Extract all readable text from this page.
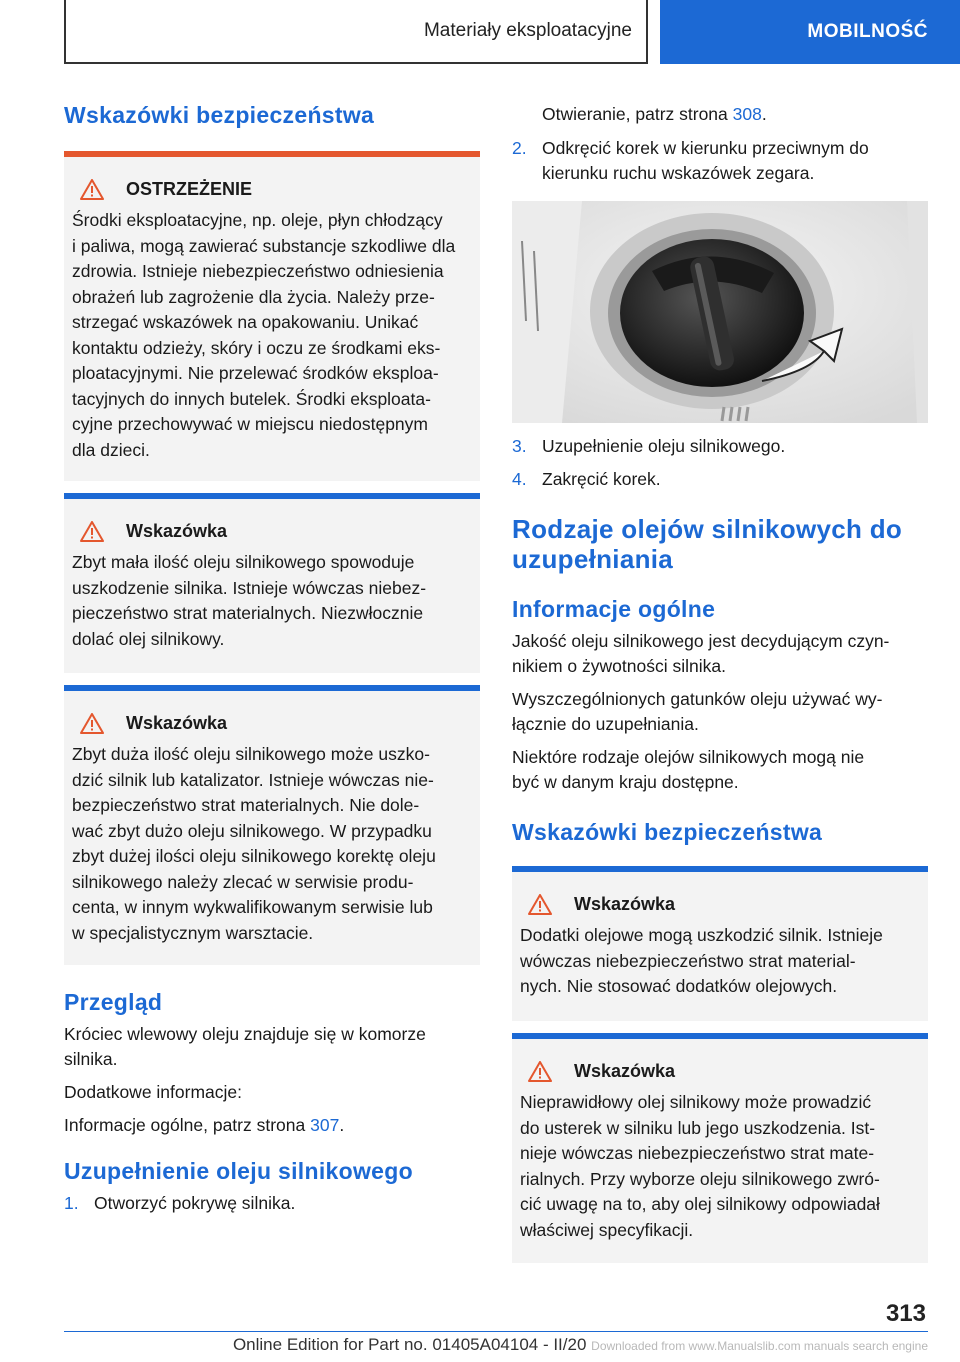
Materiały eksploatacyjne	MOBILNOŚĆ
Wskazówki bezpieczeństwa
OSTRZEŻENIE
Środki eksploatacyjne, np. oleje, płyn chłodzący
i paliwa, mogą zawierać substancje szkodliwe dla
zdrowia. Istnieje niebezpieczeństwo odniesienia
obrażeń lub zagrożenie dla życia. Należy prze-
strzegać wskazówek na opakowaniu. Unikać
kontaktu odzieży, skóry i oczu ze środkami eks-
ploatacyjnymi. Nie przelewać środków eksploa-
tacyjnych do innych butelek. Środki eksploata-
cyjne przechowywać w miejscu niedostępnym
dla dzieci.
Wskazówka
Zbyt mała ilość oleju silnikowego spowoduje
uszkodzenie silnika. Istnieje wówczas niebez-
pieczeństwo strat materialnych. Niezwłocznie
dolać olej silnikowy.
Wskazówka
Zbyt duża ilość oleju silnikowego może uszko-
dzić silnik lub katalizator. Istnieje wówczas nie-
bezpieczeństwo strat materialnych. Nie dole-
wać zbyt dużo oleju silnikowego. W przypadku
zbyt dużej ilości oleju silnikowego korektę oleju
silnikowego należy zlecać w serwisie produ-
centa, w innym wykwalifikowanym serwisie lub
w specjalistycznym warsztacie.
Przegląd
Króciec wlewowy oleju znajduje się w komorze
silnika.
Dodatkowe informacje:
Informacje ogólne, patrz strona 307.
Uzupełnienie oleju silnikowego
1. Otworzyć pokrywę silnika.
Otwieranie, patrz strona 308.
2. Odkręcić korek w kierunku przeciwnym do
kierunku ruchu wskazówek zegara.
3. Uzupełnienie oleju silnikowego.
4. Zakręcić korek.
Rodzaje olejów silnikowych do
uzupełniania
Informacje ogólne
Jakość oleju silnikowego jest decydującym czyn-
nikiem o żywotności silnika.
Wyszczególnionych gatunków oleju używać wy-
łącznie do uzupełniania.
Niektóre rodzaje olejów silnikowych mogą nie
być w danym kraju dostępne.
Wskazówki bezpieczeństwa
Wskazówka
Dodatki olejowe mogą uszkodzić silnik. Istnieje
wówczas niebezpieczeństwo strat material-
nych. Nie stosować dodatków olejowych.
Wskazówka
Nieprawidłowy olej silnikowy może prowadzić
do usterek w silniku lub jego uszkodzenia. Ist-
nieje wówczas niebezpieczeństwo strat mate-
rialnych. Przy wyborze oleju silnikowego zwró-
cić uwagę na to, aby olej silnikowy odpowiadał
właściwej specyfikacji.
313
Online Edition for Part no. 01405A04104 - II/20 Downloaded from www.Manualslib.com manuals search engine
